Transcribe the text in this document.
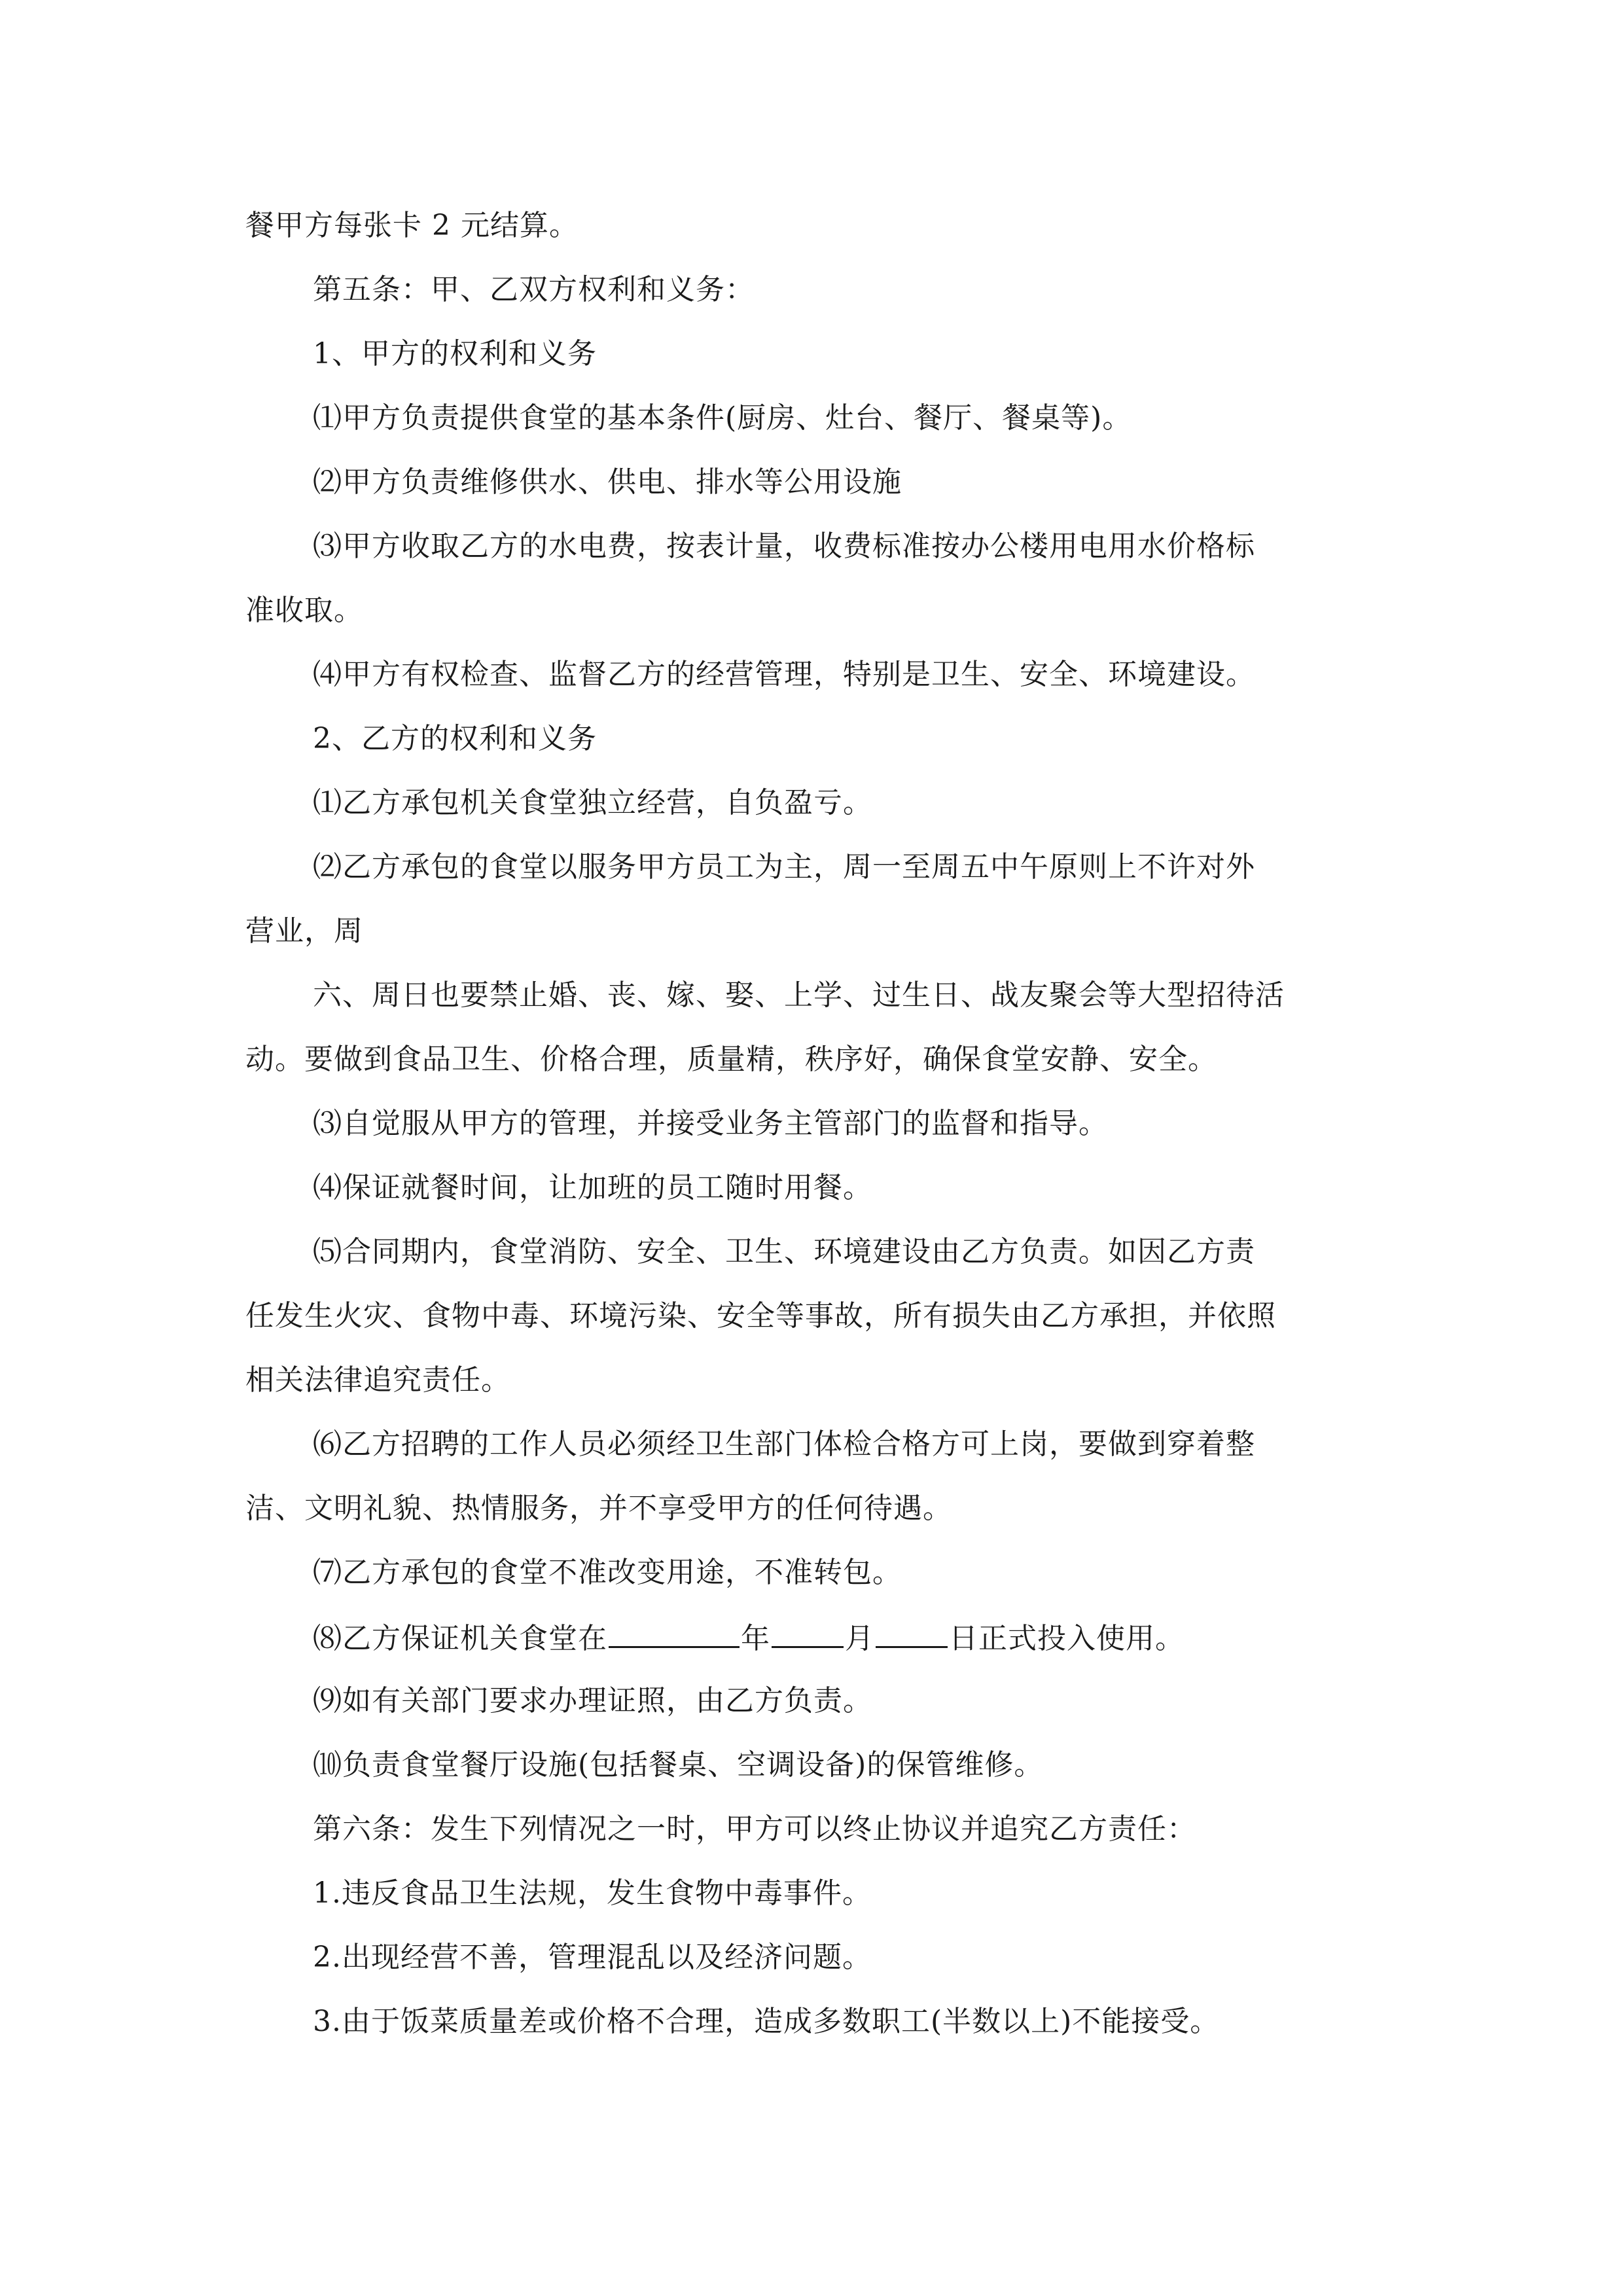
餐甲方每张卡 2 元结算。
第五条：甲、乙双方权利和义务：
1、甲方的权利和义务
⑴甲方负责提供食堂的基本条件(厨房、灶台、餐厅、餐桌等)。
⑵甲方负责维修供水、供电、排水等公用设施
⑶甲方收取乙方的水电费，按表计量，收费标准按办公楼用电用水价格标
准收取。
⑷甲方有权检查、监督乙方的经营管理，特别是卫生、安全、环境建设。
2、乙方的权利和义务
⑴乙方承包机关食堂独立经营，自负盈亏。
⑵乙方承包的食堂以服务甲方员工为主，周一至周五中午原则上不许对外
营业，周
六、周日也要禁止婚、丧、嫁、娶、上学、过生日、战友聚会等大型招待活
动。要做到食品卫生、价格合理，质量精，秩序好，确保食堂安静、安全。
⑶自觉服从甲方的管理，并接受业务主管部门的监督和指导。
⑷保证就餐时间，让加班的员工随时用餐。
⑸合同期内，食堂消防、安全、卫生、环境建设由乙方负责。如因乙方责
任发生火灾、食物中毒、环境污染、安全等事故，所有损失由乙方承担，并依照
相关法律追究责任。
⑹乙方招聘的工作人员必须经卫生部门体检合格方可上岗，要做到穿着整
洁、文明礼貌、热情服务，并不享受甲方的任何待遇。
⑺乙方承包的食堂不准改变用途，不准转包。
⑻乙方保证机关食堂在	年	月	日正式投入使用。
⑼如有关部门要求办理证照，由乙方负责。
⑽负责食堂餐厅设施(包括餐桌、空调设备)的保管维修。
第六条：发生下列情况之一时，甲方可以终止协议并追究乙方责任：
1.违反食品卫生法规，发生食物中毒事件。
2.出现经营不善，管理混乱以及经济问题。
3.由于饭菜质量差或价格不合理，造成多数职工(半数以上)不能接受。
